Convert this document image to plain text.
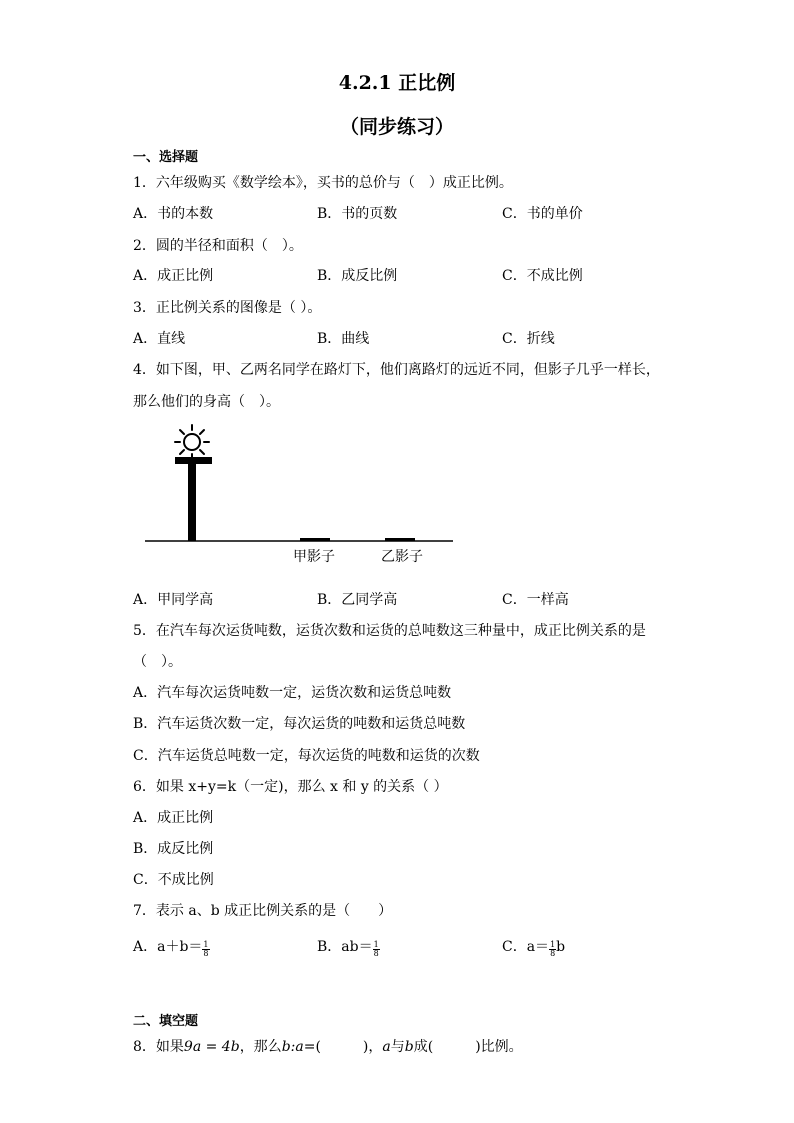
4.2.1 正比例
（同步练习）
一、选择题
1．六年级购买《数学绘本》，买书的总价与（　）成正比例。
A．书的本数	B．书的页数	C．书的单价
2．圆的半径和面积（　）。
A．成正比例	B．成反比例	C．不成比例
3．正比例关系的图像是（ ）。
A．直线	B．曲线	C．折线
4．如下图，甲、乙两名同学在路灯下，他们离路灯的远近不同，但影子几乎一样长，
那么他们的身高（　）。
甲影子	乙影子
A．甲同学高	B．乙同学高	C．一样高
5．在汽车每次运货吨数，运货次数和运货的总吨数这三种量中，成正比例关系的是
（　）。
A．汽车每次运货吨数一定，运货次数和运货总吨数
B．汽车运货次数一定，每次运货的吨数和运货总吨数
C．汽车运货总吨数一定，每次运货的吨数和运货的次数
6．如果 x+y=k（一定)，那么 x 和 y 的关系（ ）
A．成正比例
B．成反比例
C．不成比例
7．表示 a、b 成正比例关系的是（　　）
A．$a+b= \frac{1}{8}$	B．$ab= \frac{1}{8}$	C．$a= \frac{1}{8}$ b
二、填空题
8．如果9a = 4b，那么b:a=(　　　	)，a与b成(　　　	)比例。
